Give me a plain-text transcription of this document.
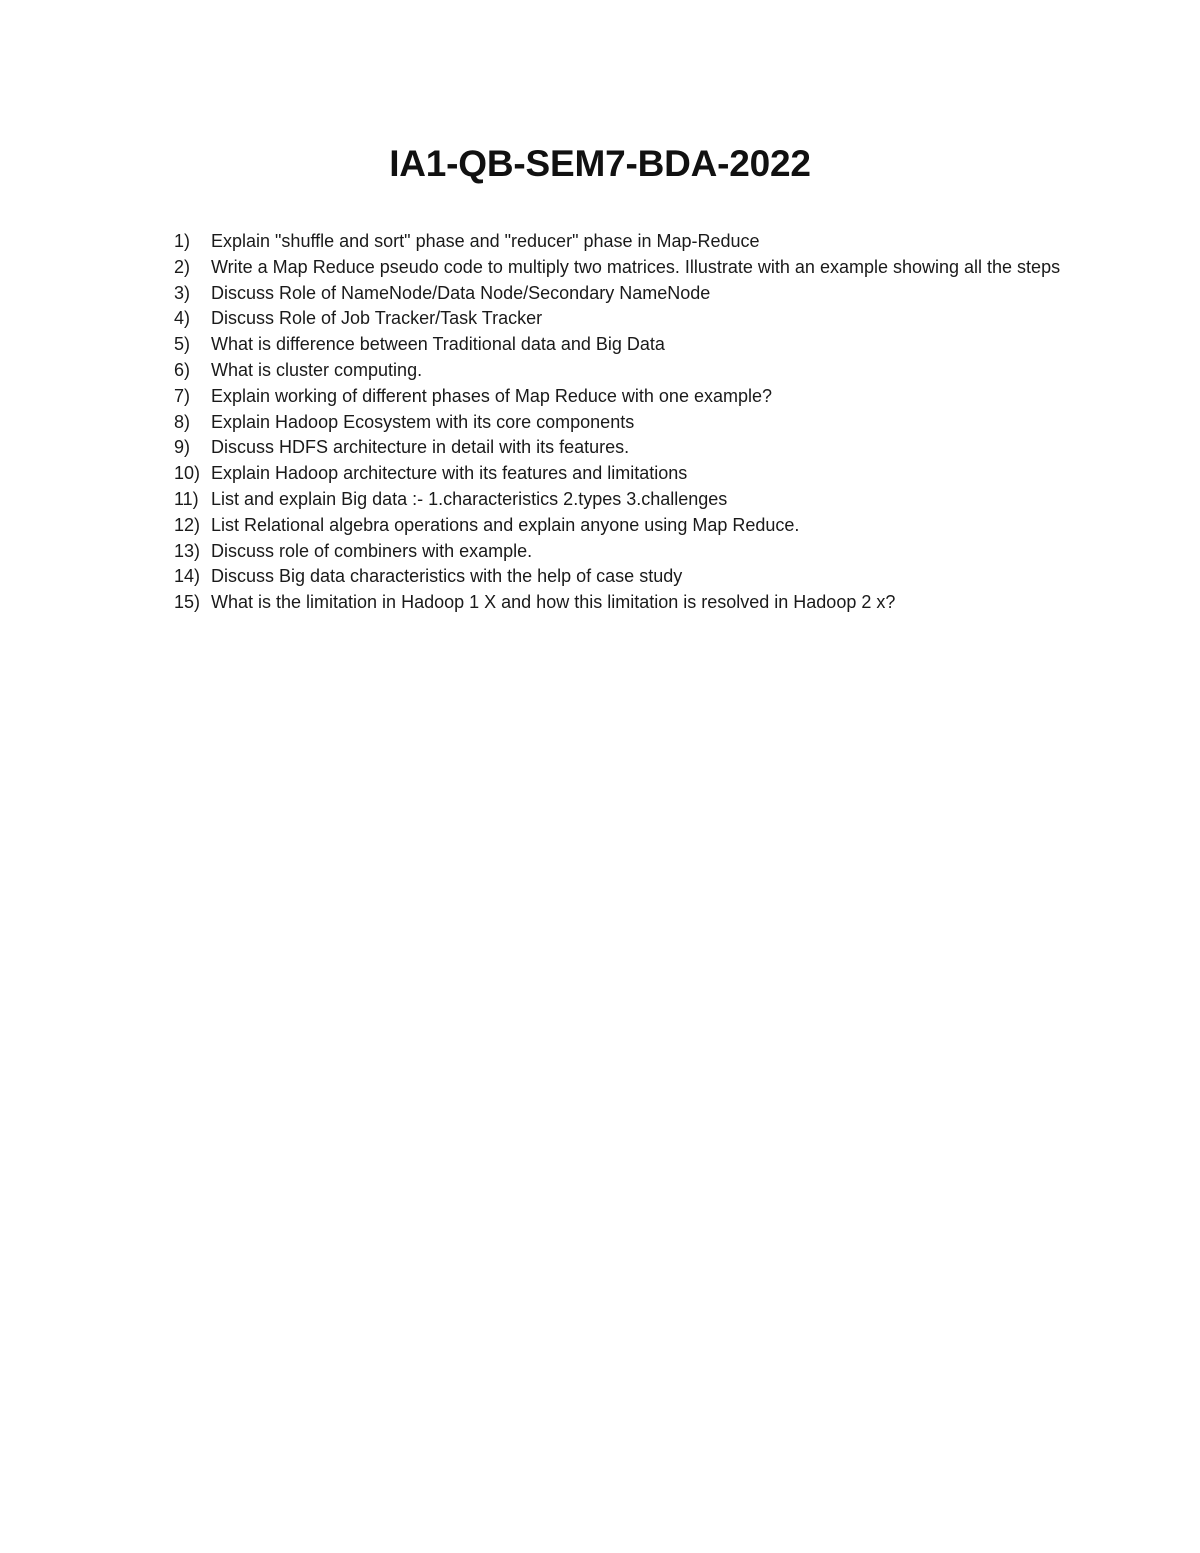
IA1-QB-SEM7-BDA-2022
1)	Explain "shuffle and sort" phase and "reducer" phase in Map-Reduce
2)	Write a Map Reduce pseudo code to multiply two matrices. Illustrate with an example showing all the steps
3)	Discuss Role of NameNode/Data Node/Secondary NameNode
4)	Discuss Role of Job Tracker/Task Tracker
5)	What is difference between Traditional data and Big Data
6)	What is cluster computing.
7)	Explain working of different phases of Map Reduce with one example?
8)	Explain Hadoop Ecosystem with its core components
9)	Discuss HDFS architecture in detail with its features.
10) Explain Hadoop architecture with its features and limitations
11) List and explain Big data :- 1.characteristics 2.types 3.challenges
12) List Relational algebra operations and explain anyone using Map Reduce.
13) Discuss role of combiners with example.
14) Discuss Big data characteristics with the help of case study
15) What is the limitation in Hadoop 1 X and how this limitation is resolved in Hadoop 2 x?
